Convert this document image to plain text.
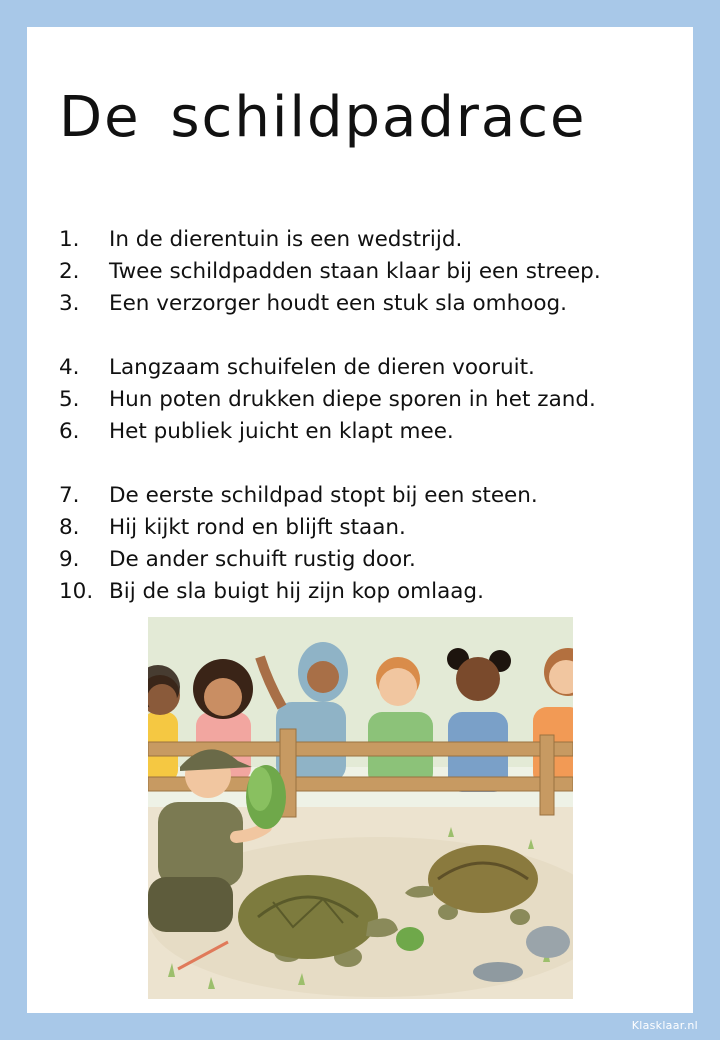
De schildpadrace
1. In de dierentuin is een wedstrijd.
2. Twee schildpadden staan klaar bij een streep.
3. Een verzorger houdt een stuk sla omhoog.
4. Langzaam schuifelen de dieren vooruit.
5. Hun poten drukken diepe sporen in het zand.
6. Het publiek juicht en klapt mee.
7. De eerste schildpad stopt bij een steen.
8. Hij kijkt rond en blijft staan.
9. De ander schuift rustig door.
10. Bij de sla buigt hij zijn kop omlaag.
Klasklaar.nl
